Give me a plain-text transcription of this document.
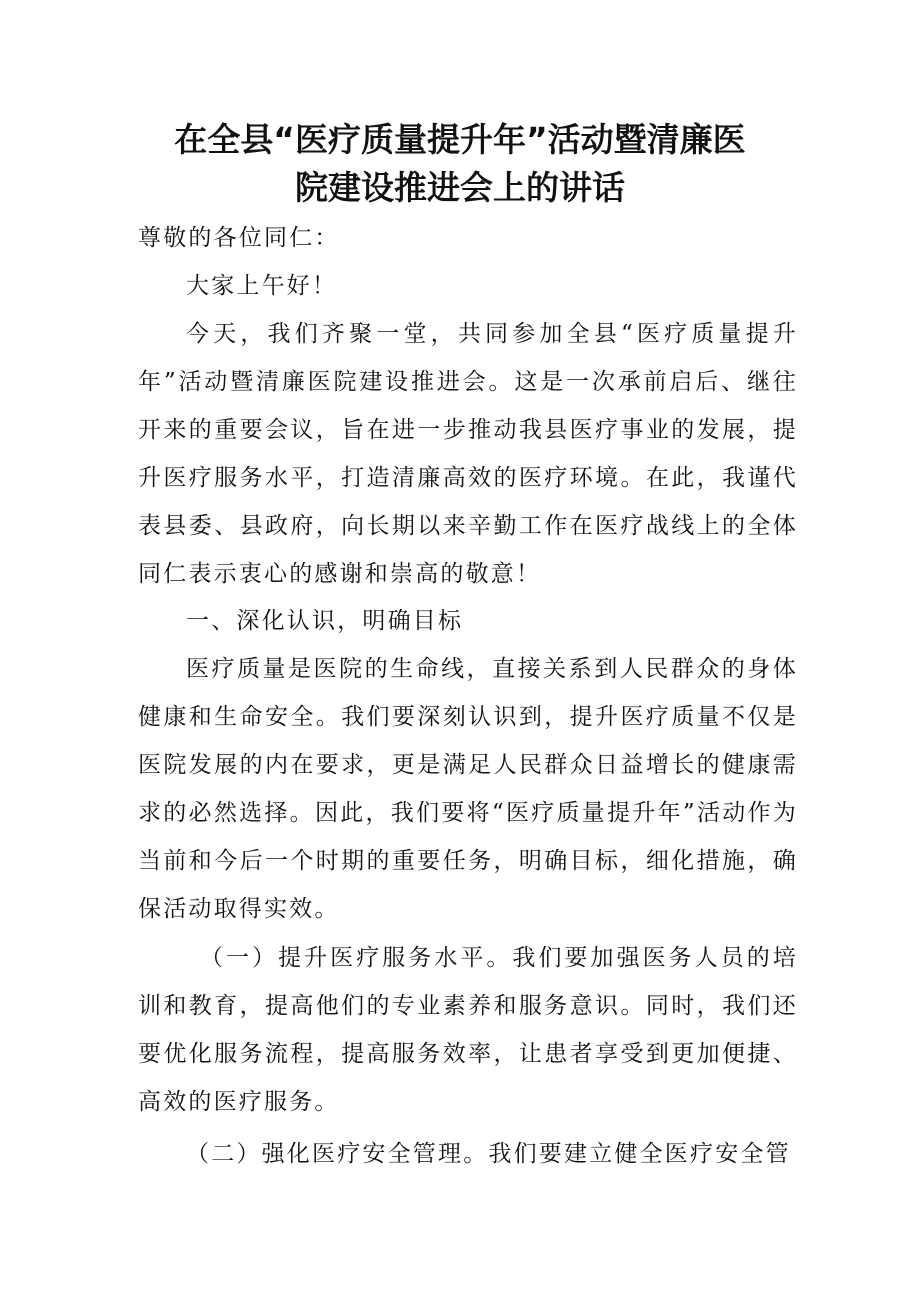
在全县“医疗质量提升年”活动暨清廉医
院建设推进会上的讲话
尊敬的各位同仁：
大家上午好！
今天，我们齐聚一堂，共同参加全县“医疗质量提升年”活动暨清廉医院建设推进会。这是一次承前启后、继往开来的重要会议，旨在进一步推动我县医疗事业的发展，提升医疗服务水平，打造清廉高效的医疗环境。在此，我谨代表县委、县政府，向长期以来辛勤工作在医疗战线上的全体同仁表示衷心的感谢和崇高的敬意！
一、深化认识，明确目标
医疗质量是医院的生命线，直接关系到人民群众的身体健康和生命安全。我们要深刻认识到，提升医疗质量不仅是医院发展的内在要求，更是满足人民群众日益增长的健康需求的必然选择。因此，我们要将“医疗质量提升年”活动作为当前和今后一个时期的重要任务，明确目标，细化措施，确保活动取得实效。
（一）提升医疗服务水平。我们要加强医务人员的培训和教育，提高他们的专业素养和服务意识。同时，我们还要优化服务流程，提高服务效率，让患者享受到更加便捷、高效的医疗服务。
（二）强化医疗安全管理。我们要建立健全医疗安全管
